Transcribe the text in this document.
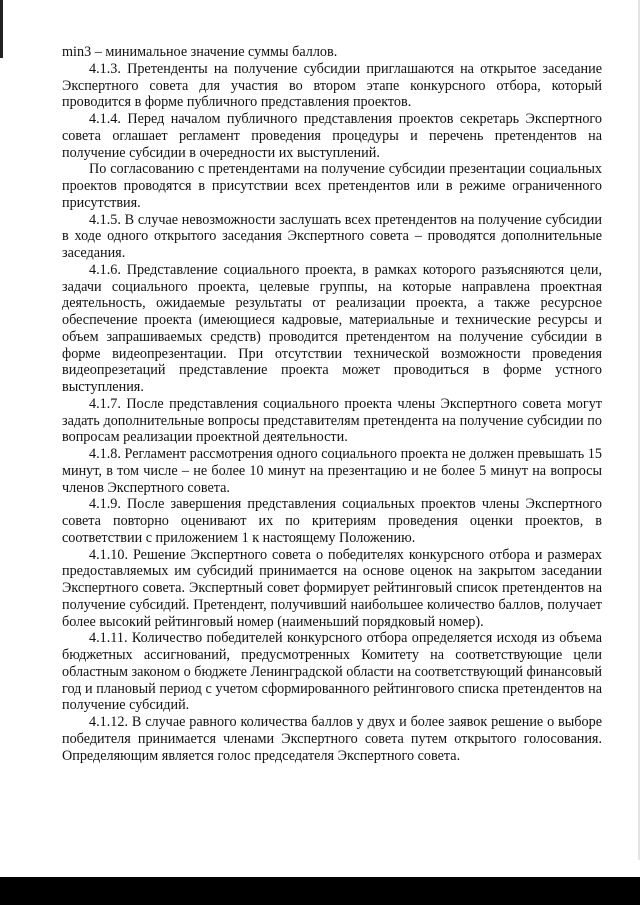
min3 – минимальное значение суммы баллов.

4.1.3. Претенденты на получение субсидии приглашаются на открытое заседание Экспертного совета для участия во втором этапе конкурсного отбора, который проводится в форме публичного представления проектов.

4.1.4. Перед началом публичного представления проектов секретарь Экспертного совета оглашает регламент проведения процедуры и перечень претендентов на получение субсидии в очередности их выступлений.

По согласованию с претендентами на получение субсидии презентации социальных проектов проводятся в присутствии всех претендентов или в режиме ограниченного присутствия.

4.1.5. В случае невозможности заслушать всех претендентов на получение субсидии в ходе одного открытого заседания Экспертного совета – проводятся дополнительные заседания.

4.1.6. Представление социального проекта, в рамках которого разъясняются цели, задачи социального проекта, целевые группы, на которые направлена проектная деятельность, ожидаемые результаты от реализации проекта, а также ресурсное обеспечение проекта (имеющиеся кадровые, материальные и технические ресурсы и объем запрашиваемых средств) проводится претендентом на получение субсидии в форме видеопрезентации. При отсутствии технической возможности проведения видеопрезетаций представление проекта может проводиться в форме устного выступления.

4.1.7. После представления социального проекта члены Экспертного совета могут задать дополнительные вопросы представителям претендента на получение субсидии по вопросам реализации проектной деятельности.

4.1.8. Регламент рассмотрения одного социального проекта не должен превышать 15 минут, в том числе – не более 10 минут на презентацию и не более 5 минут на вопросы членов Экспертного совета.

4.1.9. После завершения представления социальных проектов члены Экспертного совета повторно оценивают их по критериям проведения оценки проектов, в соответствии с приложением 1 к настоящему Положению.

4.1.10. Решение Экспертного совета о победителях конкурсного отбора и размерах предоставляемых им субсидий принимается на основе оценок на закрытом заседании Экспертного совета. Экспертный совет формирует рейтинговый список претендентов на получение субсидий. Претендент, получивший наибольшее количество баллов, получает более высокий рейтинговый номер (наименьший порядковый номер).

4.1.11. Количество победителей конкурсного отбора определяется исходя из объема бюджетных ассигнований, предусмотренных Комитету на соответствующие цели областным законом о бюджете Ленинградской области на соответствующий финансовый год и плановый период с учетом сформированного рейтингового списка претендентов на получение субсидий.

4.1.12. В случае равного количества баллов у двух и более заявок решение о выборе победителя принимается членами Экспертного совета путем открытого голосования. Определяющим является голос председателя Экспертного совета.
